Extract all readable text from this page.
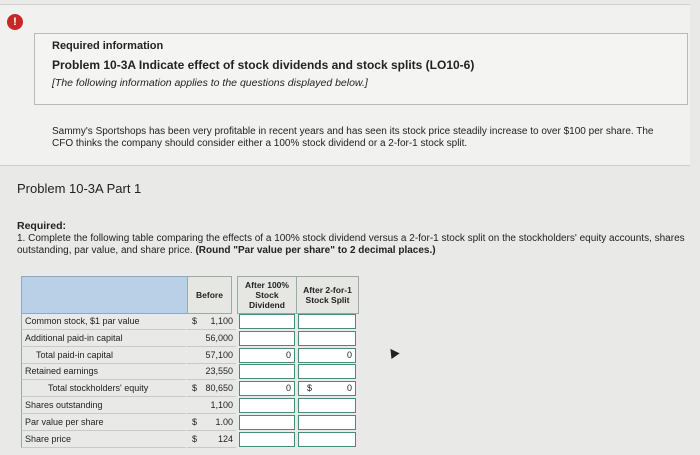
!
Required information
Problem 10-3A Indicate effect of stock dividends and stock splits (LO10-6)
[The following information applies to the questions displayed below.]
Sammy's Sportshops has been very profitable in recent years and has seen its stock price steadily increase to over $100 per share. The CFO thinks the company should consider either a 100% stock dividend or a 2-for-1 stock split.
Problem 10-3A Part 1
Required:
1. Complete the following table comparing the effects of a 100% stock dividend versus a 2-for-1 stock split on the stockholders' equity accounts, shares outstanding, par value, and share price. (Round "Par value per share" to 2 decimal places.)
Before
After 100% Stock Dividend
After 2-for-1 Stock Split
Common stock, $1 par value	$	1,100
Additional paid-in capital	56,000
Total paid-in capital	57,100	0	0
Retained earnings	23,550
Total stockholders' equity	$ 80,650	0	$	0
Shares outstanding	1,100
Par value per share	$	1.00
Share price	$	124
